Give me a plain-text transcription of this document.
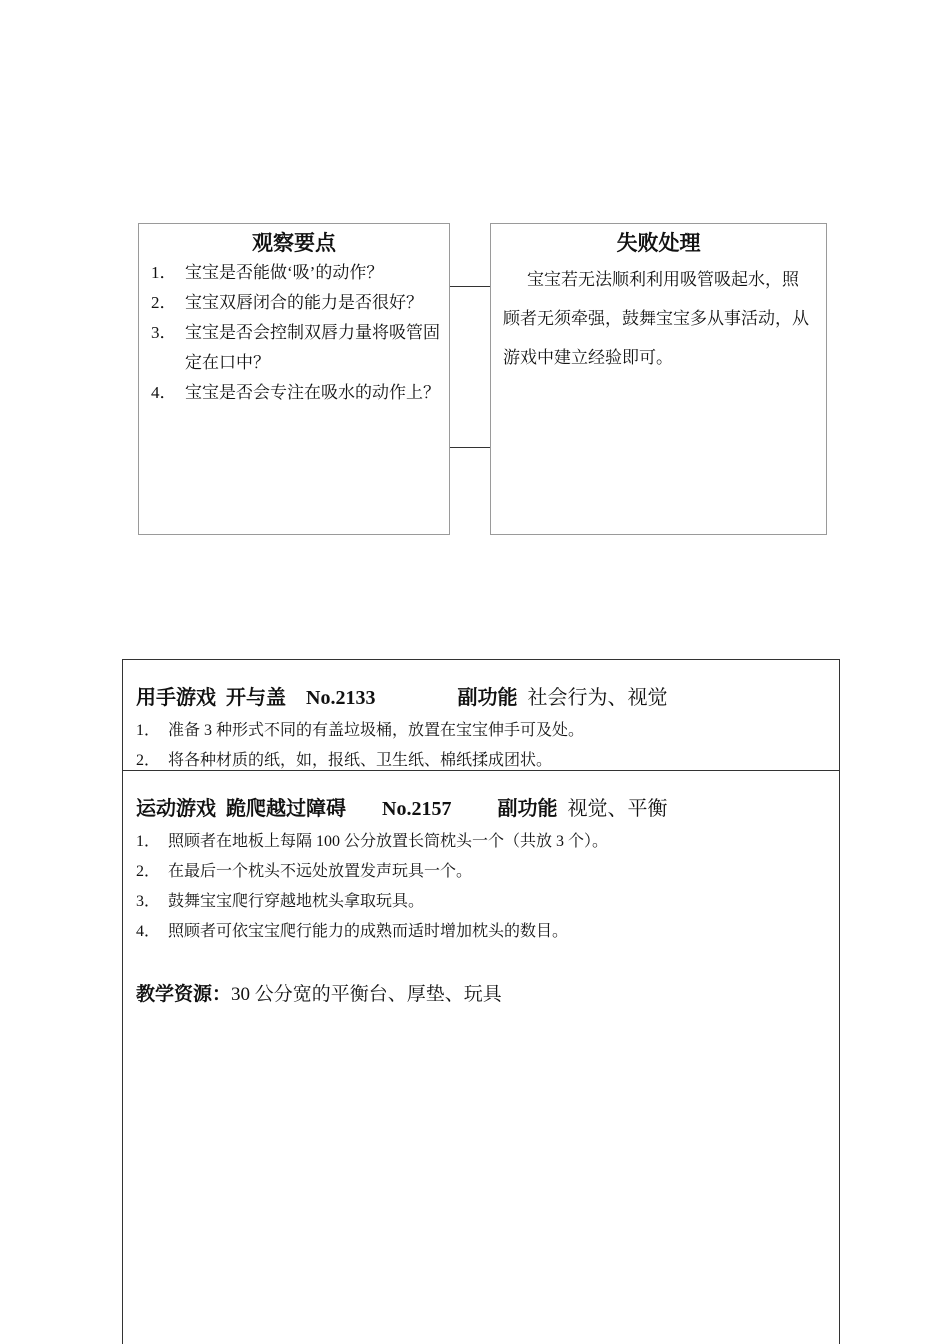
观察要点
1． 宝宝是否能做‘吸’的动作？
2． 宝宝双唇闭合的能力是否很好？
3． 宝宝是否会控制双唇力量将吸管固定在口中？
4． 宝宝是否会专注在吸水的动作上？
失败处理
宝宝若无法顺利利用吸管吸起水，照顾者无须牵强，鼓舞宝宝多从事活动，从游戏中建立经验即可。
用手游戏 开与盖 No.2133	副功能 社会行为、视觉
1． 准备 3 种形式不同的有盖垃圾桶，放置在宝宝伸手可及处。
2． 将各种材质的纸，如，报纸、卫生纸、棉纸揉成团状。
运动游戏 跪爬越过障碍 No.2157 副功能 视觉、平衡
1． 照顾者在地板上每隔 100 公分放置长筒枕头一个（共放 3 个）。
2． 在最后一个枕头不远处放置发声玩具一个。
3． 鼓舞宝宝爬行穿越地枕头拿取玩具。
4． 照顾者可依宝宝爬行能力的成熟而适时增加枕头的数目。
教学资源：30 公分宽的平衡台、厚垫、玩具
